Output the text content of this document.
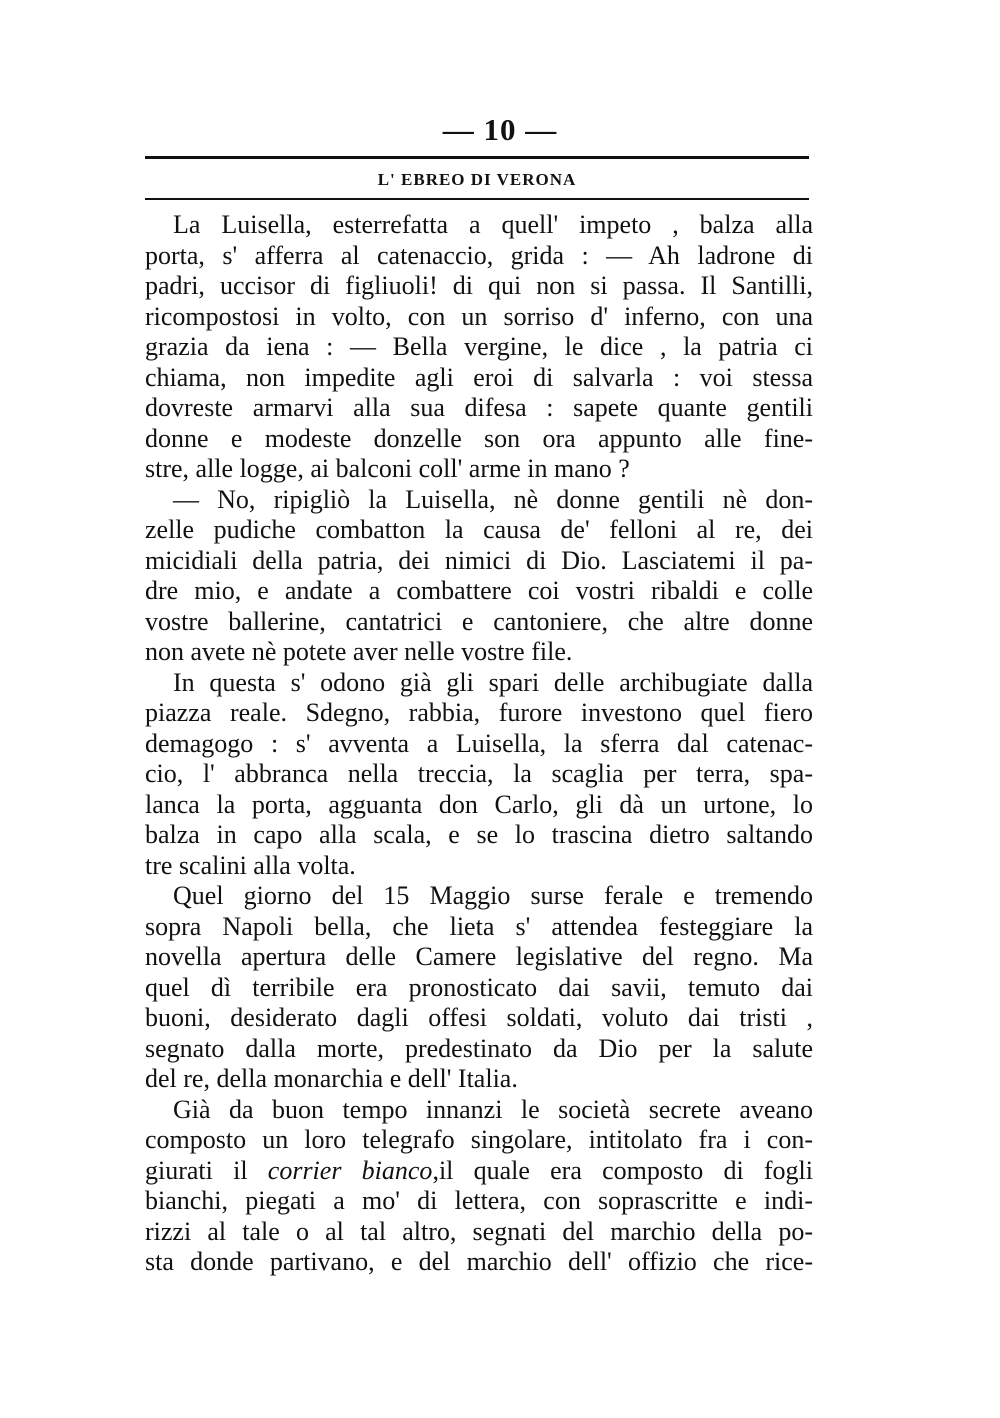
— 10 —
L' EBREO DI VERONA
La Luisella, esterrefatta a quell' impeto , balza alla
porta, s' afferra al catenaccio, grida : — Ah ladrone di
padri, uccisor di figliuoli! di qui non si passa. Il Santilli,
ricompostosi in volto, con un sorriso d' inferno, con una
grazia da iena : — Bella vergine, le dice , la patria ci
chiama, non impedite agli eroi di salvarla : voi stessa
dovreste armarvi alla sua difesa : sapete quante gentili
donne e modeste donzelle son ora appunto alle fine-
stre, alle logge, ai balconi coll' arme in mano ?
— No, ripigliò la Luisella, nè donne gentili nè don-
zelle pudiche combatton la causa de' felloni al re, dei
micidiali della patria, dei nimici di Dio. Lasciatemi il pa-
dre mio, e andate a combattere coi vostri ribaldi e colle
vostre ballerine, cantatrici e cantoniere, che altre donne
non avete nè potete aver nelle vostre file.
In questa s' odono già gli spari delle archibugiate dalla
piazza reale. Sdegno, rabbia, furore investono quel fiero
demagogo : s' avventa a Luisella, la sferra dal catenac-
cio, l' abbranca nella treccia, la scaglia per terra, spa-
lanca la porta, agguanta don Carlo, gli dà un urtone, lo
balza in capo alla scala, e se lo trascina dietro saltando
tre scalini alla volta.
Quel giorno del 15 Maggio surse ferale e tremendo
sopra Napoli bella, che lieta s' attendea festeggiare la
novella apertura delle Camere legislative del regno. Ma
quel dì terribile era pronosticato dai savii, temuto dai
buoni, desiderato dagli offesi soldati, voluto dai tristi ,
segnato dalla morte, predestinato da Dio per la salute
del re, della monarchia e dell' Italia.
Già da buon tempo innanzi le società secrete aveano
composto un loro telegrafo singolare, intitolato fra i con-
giurati il corrier bianco,il quale era composto di fogli
bianchi, piegati a mo' di lettera, con soprascritte e indi-
rizzi al tale o al tal altro, segnati del marchio della po-
sta donde partivano, e del marchio dell' offizio che rice-
